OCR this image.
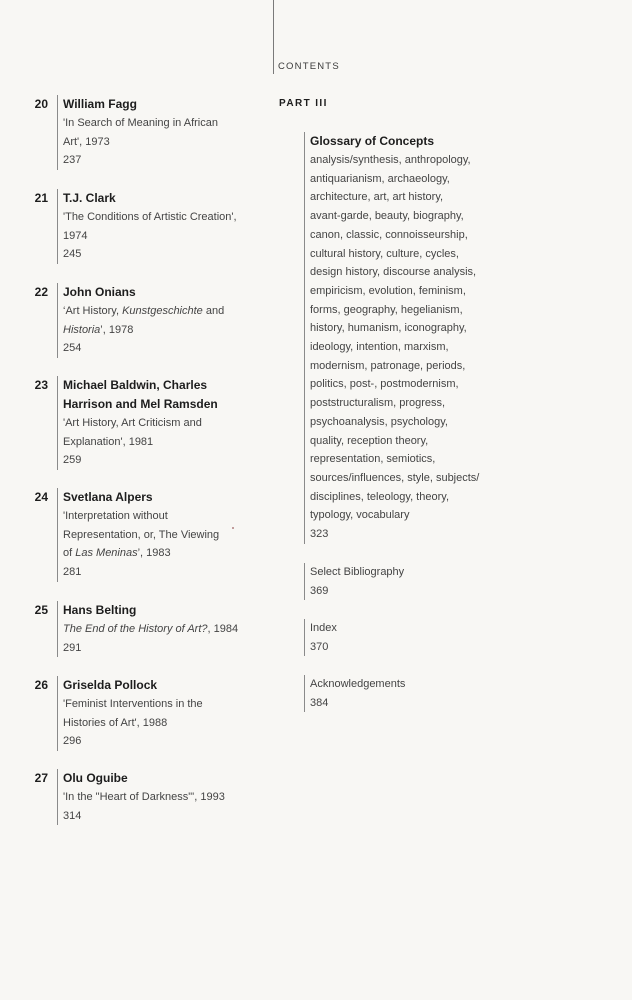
CONTENTS
20 William Fagg
'In Search of Meaning in African
Art', 1973
237
21 T.J. Clark
'The Conditions of Artistic Creation',
1974
245
22 John Onians
‘Art History, Kunstgeschichte and
Historia’, 1978
254
23 Michael Baldwin, Charles
Harrison and Mel Ramsden
'Art History, Art Criticism and
Explanation', 1981
259
24 Svetlana Alpers
'Interpretation without
Representation, or, The Viewing
of Las Meninas’, 1983
281
25 Hans Belting
The End of the History of Art?, 1984
291
26 Griselda Pollock
'Feminist Interventions in the
Histories of Art', 1988
296
27 Olu Oguibe
'In the "Heart of Darkness"', 1993
314
PART III
Glossary of Concepts
analysis/synthesis, anthropology,
antiquarianism, archaeology,
architecture, art, art history,
avant-garde, beauty, biography,
canon, classic, connoisseurship,
cultural history, culture, cycles,
design history, discourse analysis,
empiricism, evolution, feminism,
forms, geography, hegelianism,
history, humanism, iconography,
ideology, intention, marxism,
modernism, patronage, periods,
politics, post-, postmodernism,
poststructuralism, progress,
psychoanalysis, psychology,
quality, reception theory,
representation, semiotics,
sources/influences, style, subjects/
disciplines, teleology, theory,
typology, vocabulary
323
Select Bibliography
369
Index
370
Acknowledgements
384
